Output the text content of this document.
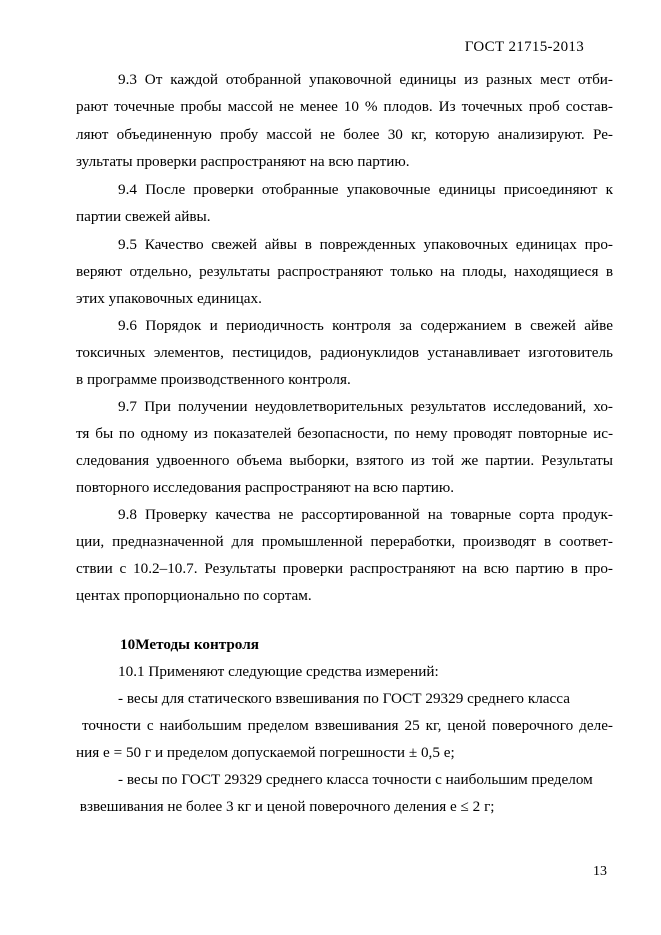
ГОСТ 21715-2013
9.3 От каждой отобранной упаковочной единицы из разных мест отби-
рают точечные пробы массой не менее 10 % плодов. Из точечных проб состав-
ляют объединенную пробу массой не более 30 кг, которую анализируют. Ре-
зультаты проверки распространяют на всю партию.
9.4 После проверки отобранные упаковочные единицы присоединяют к
партии свежей айвы.
9.5 Качество свежей айвы в поврежденных упаковочных единицах про-
веряют отдельно, результаты распространяют только на плоды, находящиеся в
этих упаковочных единицах.
9.6 Порядок и периодичность контроля за содержанием в свежей айве
токсичных элементов, пестицидов, радионуклидов устанавливает изготовитель
в программе производственного контроля.
9.7 При получении неудовлетворительных результатов исследований, хо-
тя бы по одному из показателей безопасности, по нему проводят повторные ис-
следования удвоенного объема выборки, взятого из той же партии. Результаты
повторного исследования распространяют на всю партию.
9.8 Проверку качества не рассортированной на товарные сорта продук-
ции, предназначенной для промышленной переработки, производят в соответ-
ствии с 10.2–10.7. Результаты проверки распространяют на всю партию в про-
центах пропорционально по сортам.
10Методы контроля
10.1 Применяют следующие средства измерений:
- весы для статического взвешивания по ГОСТ 29329 среднего класса
точности с наибольшим пределом взвешивания 25 кг, ценой поверочного деле-
ния е = 50 г и пределом допускаемой погрешности ± 0,5 е;
- весы по ГОСТ 29329 среднего класса точности с наибольшим пределом
взвешивания не более 3 кг и ценой поверочного деления е ≤ 2 г;
13
